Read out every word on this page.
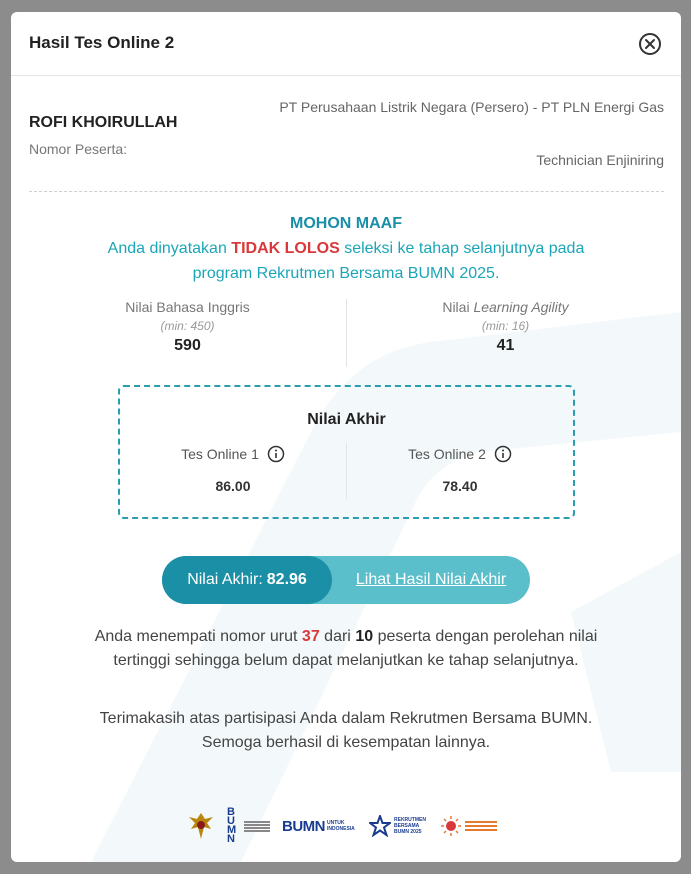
Hasil Tes Online 2
ROFI KHOIRULLAH
Nomor Peserta:
PT Perusahaan Listrik Negara (Persero) - PT PLN Energi Gas
Technician Enjiniring
MOHON MAAF
Anda dinyatakan TIDAK LOLOS seleksi ke tahap selanjutnya pada
program Rekrutmen Bersama BUMN 2025.
Nilai Bahasa Inggris
(min: 450)
590
Nilai Learning Agility
(min: 16)
41
Nilai Akhir
Tes Online 1
86.00
Tes Online 2
78.40
Nilai Akhir: 82.96	Lihat Hasil Nilai Akhir
Anda menempati nomor urut 37 dari 10 peserta dengan perolehan nilai
tertinggi sehingga belum dapat melanjutkan ke tahap selanjutnya.
Terimakasih atas partisipasi Anda dalam Rekrutmen Bersama BUMN.
Semoga berhasil di kesempatan lainnya.
BUMN
BUMN UNTUK INDONESIA
REKRUTMEN BERSAMA BUMN 2025
